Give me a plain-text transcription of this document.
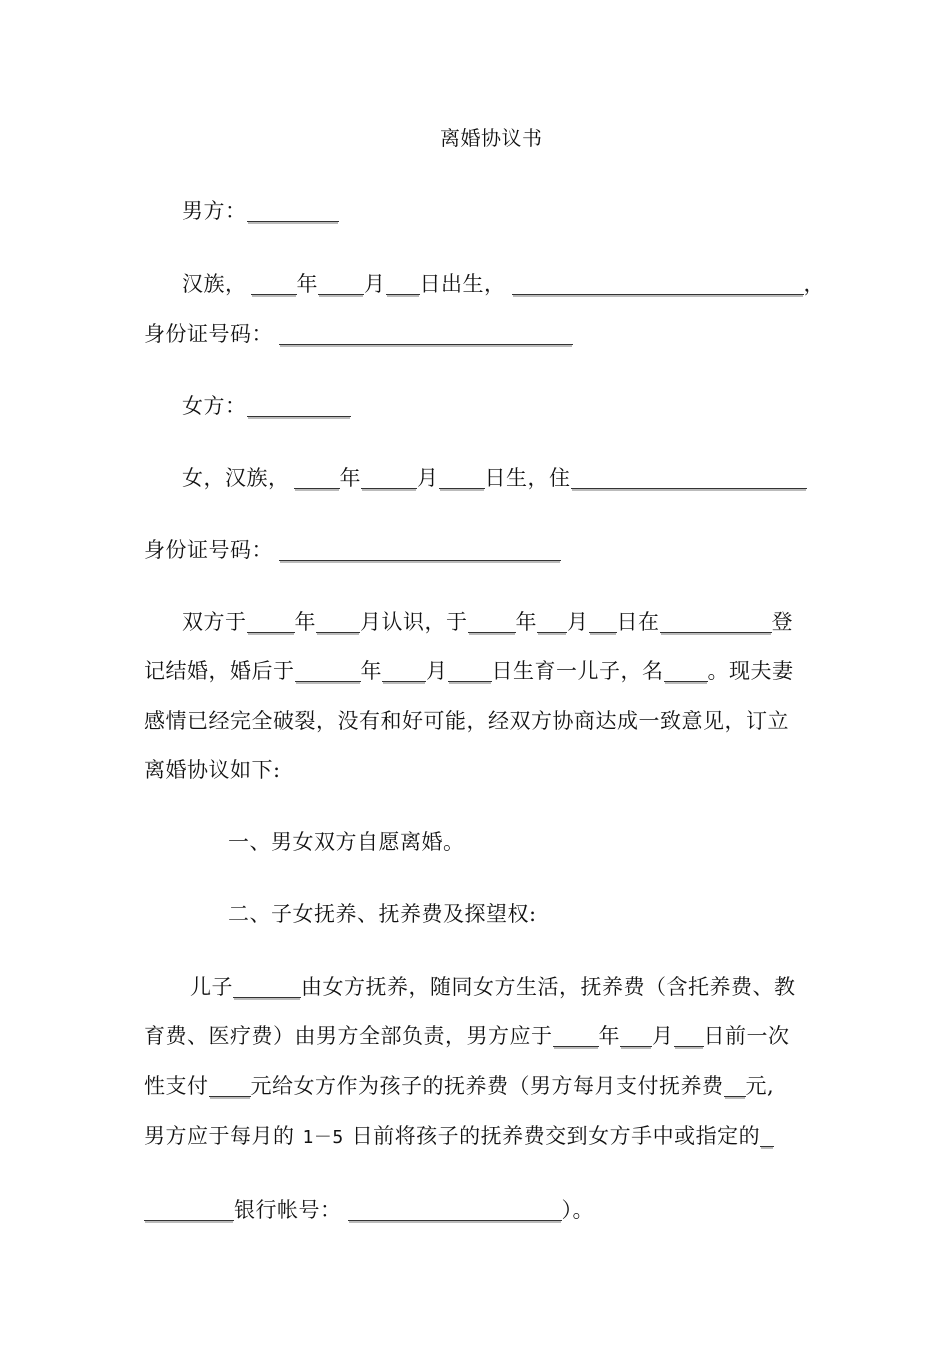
离婚协议书
男方：
汉族， 年 月 日出生，	，
身份证号码：
女方：
女，汉族， 年	月 日生，住
身份证号码：
双方于 年 月认识，于 年 月 日在	登
记结婚，婚后于	年 月 日生育一儿子，名 。现夫妻
感情已经完全破裂，没有和好可能，经双方协商达成一致意见，订立
离婚协议如下:
一、男女双方自愿离婚。
二、子女抚养、抚养费及探望权:
儿子	由女方抚养，随同女方生活，抚养费（含托养费、教
育费、医疗费）由男方全部负责，男方应于 年 月 日前一次
性支付 元给女方作为孩子的抚养费（男方每月支付抚养费 元,
男方应于每月的 1－5 日前将孩子的抚养费交到女方手中或指定的
银行帐号：	）。
